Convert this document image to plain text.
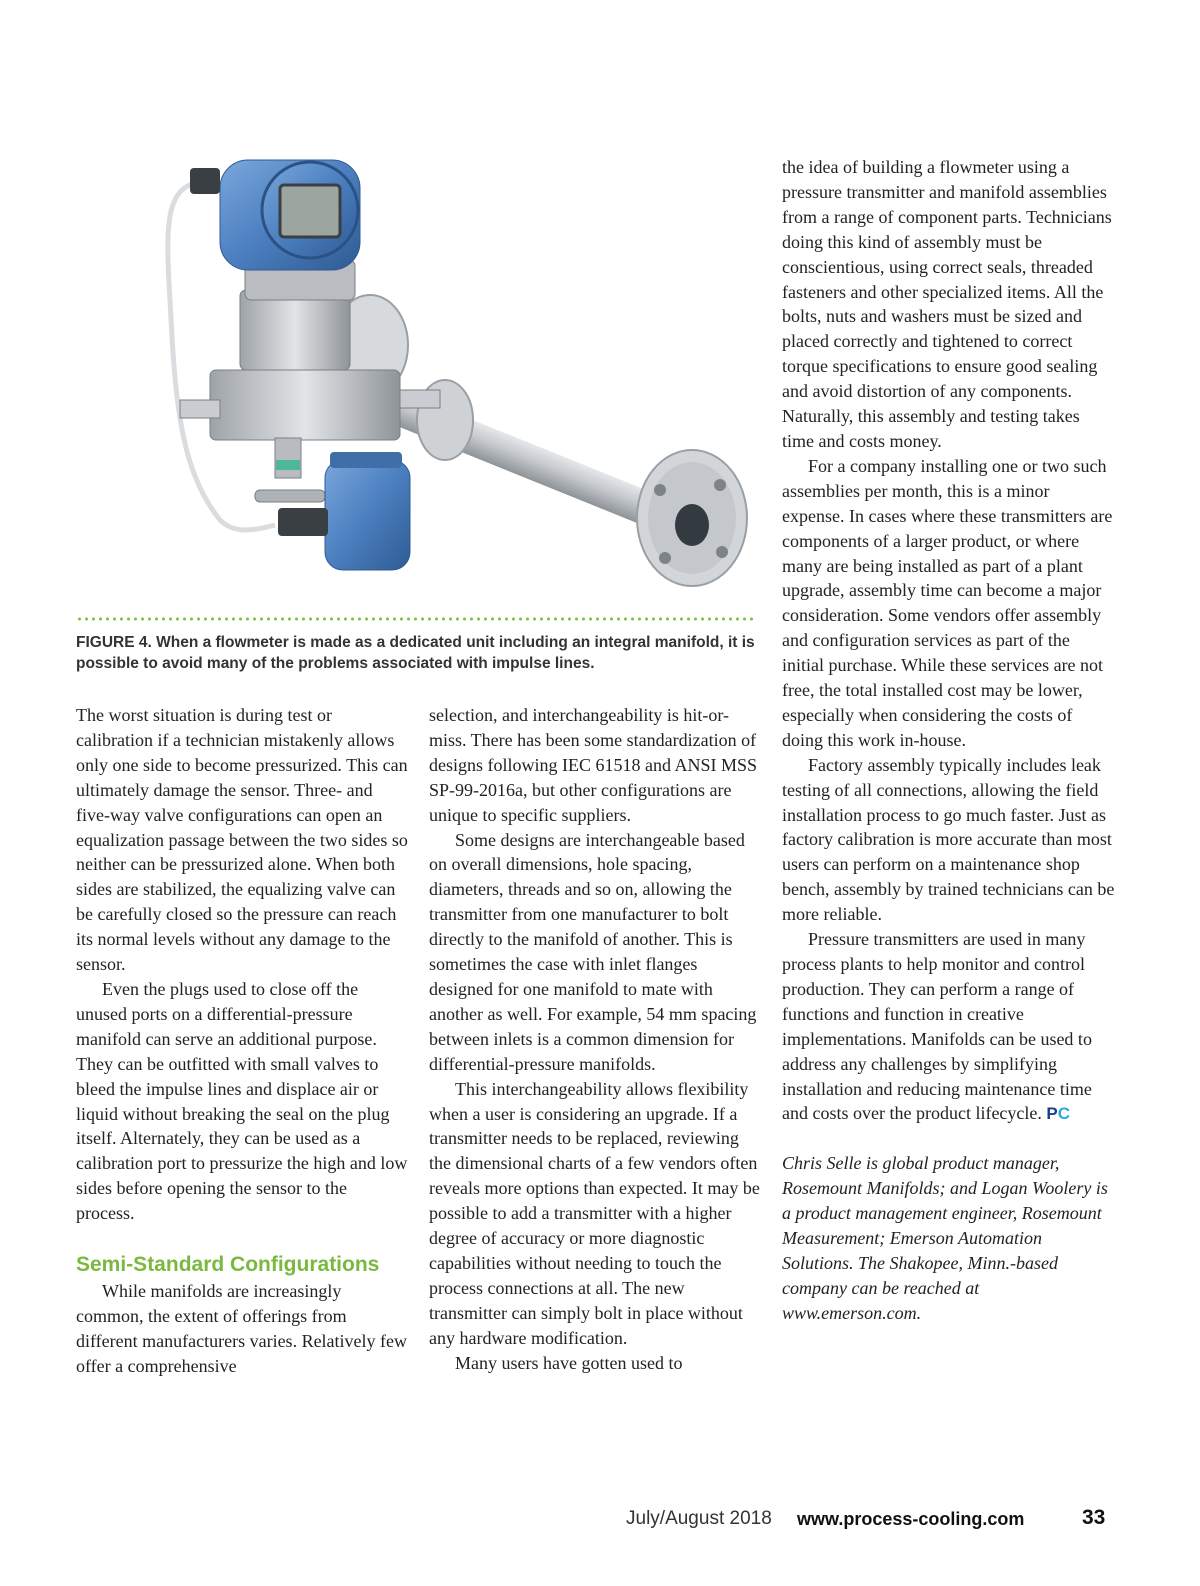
FIGURE 4. When a flowmeter is made as a dedicated unit including an integral manifold, it is possible to avoid many of the problems associated with impulse lines.

The worst situation is during test or calibration if a technician mistakenly allows only one side to become pressurized. This can ultimately damage the sensor. Three- and five-way valve configurations can open an equalization passage between the two sides so neither can be pressurized alone. When both sides are stabilized, the equalizing valve can be carefully closed so the pressure can reach its normal levels without any damage to the sensor.

Even the plugs used to close off the unused ports on a differential-pressure manifold can serve an additional purpose. They can be outfitted with small valves to bleed the impulse lines and displace air or liquid without breaking the seal on the plug itself. Alternately, they can be used as a calibration port to pressurize the high and low sides before opening the sensor to the process.

Semi-Standard Configurations

While manifolds are increasingly common, the extent of offerings from different manufacturers varies. Relatively few offer a comprehensive

selection, and interchangeability is hit-or-miss. There has been some standardization of designs following IEC 61518 and ANSI MSS SP-99-2016a, but other configurations are unique to specific suppliers.

Some designs are interchangeable based on overall dimensions, hole spacing, diameters, threads and so on, allowing the transmitter from one manufacturer to bolt directly to the manifold of another. This is sometimes the case with inlet flanges designed for one manifold to mate with another as well. For example, 54 mm spacing between inlets is a common dimension for differential-pressure manifolds.

This interchangeability allows flexibility when a user is considering an upgrade. If a transmitter needs to be replaced, reviewing the dimensional charts of a few vendors often reveals more options than expected. It may be possible to add a transmitter with a higher degree of accuracy or more diagnostic capabilities without needing to touch the process connections at all. The new transmitter can simply bolt in place without any hardware modification.

Many users have gotten used to

the idea of building a flowmeter using a pressure transmitter and manifold assemblies from a range of component parts. Technicians doing this kind of assembly must be conscientious, using correct seals, threaded fasteners and other specialized items. All the bolts, nuts and washers must be sized and placed correctly and tightened to correct torque specifications to ensure good sealing and avoid distortion of any components. Naturally, this assembly and testing takes time and costs money.

For a company installing one or two such assemblies per month, this is a minor expense. In cases where these transmitters are components of a larger product, or where many are being installed as part of a plant upgrade, assembly time can become a major consideration. Some vendors offer assembly and configuration services as part of the initial purchase. While these services are not free, the total installed cost may be lower, especially when considering the costs of doing this work in-house.

Factory assembly typically includes leak testing of all connections, allowing the field installation process to go much faster. Just as factory calibration is more accurate than most users can perform on a maintenance shop bench, assembly by trained technicians can be more reliable.

Pressure transmitters are used in many process plants to help monitor and control production. They can perform a range of functions and function in creative implementations. Manifolds can be used to address any challenges by simplifying installation and reducing maintenance time and costs over the product lifecycle. PC

Chris Selle is global product manager, Rosemount Manifolds; and Logan Woolery is a product management engineer, Rosemount Measurement; Emerson Automation Solutions. The Shakopee, Minn.-based company can be reached at www.emerson.com.

July/August 2018 www.process-cooling.com	33
